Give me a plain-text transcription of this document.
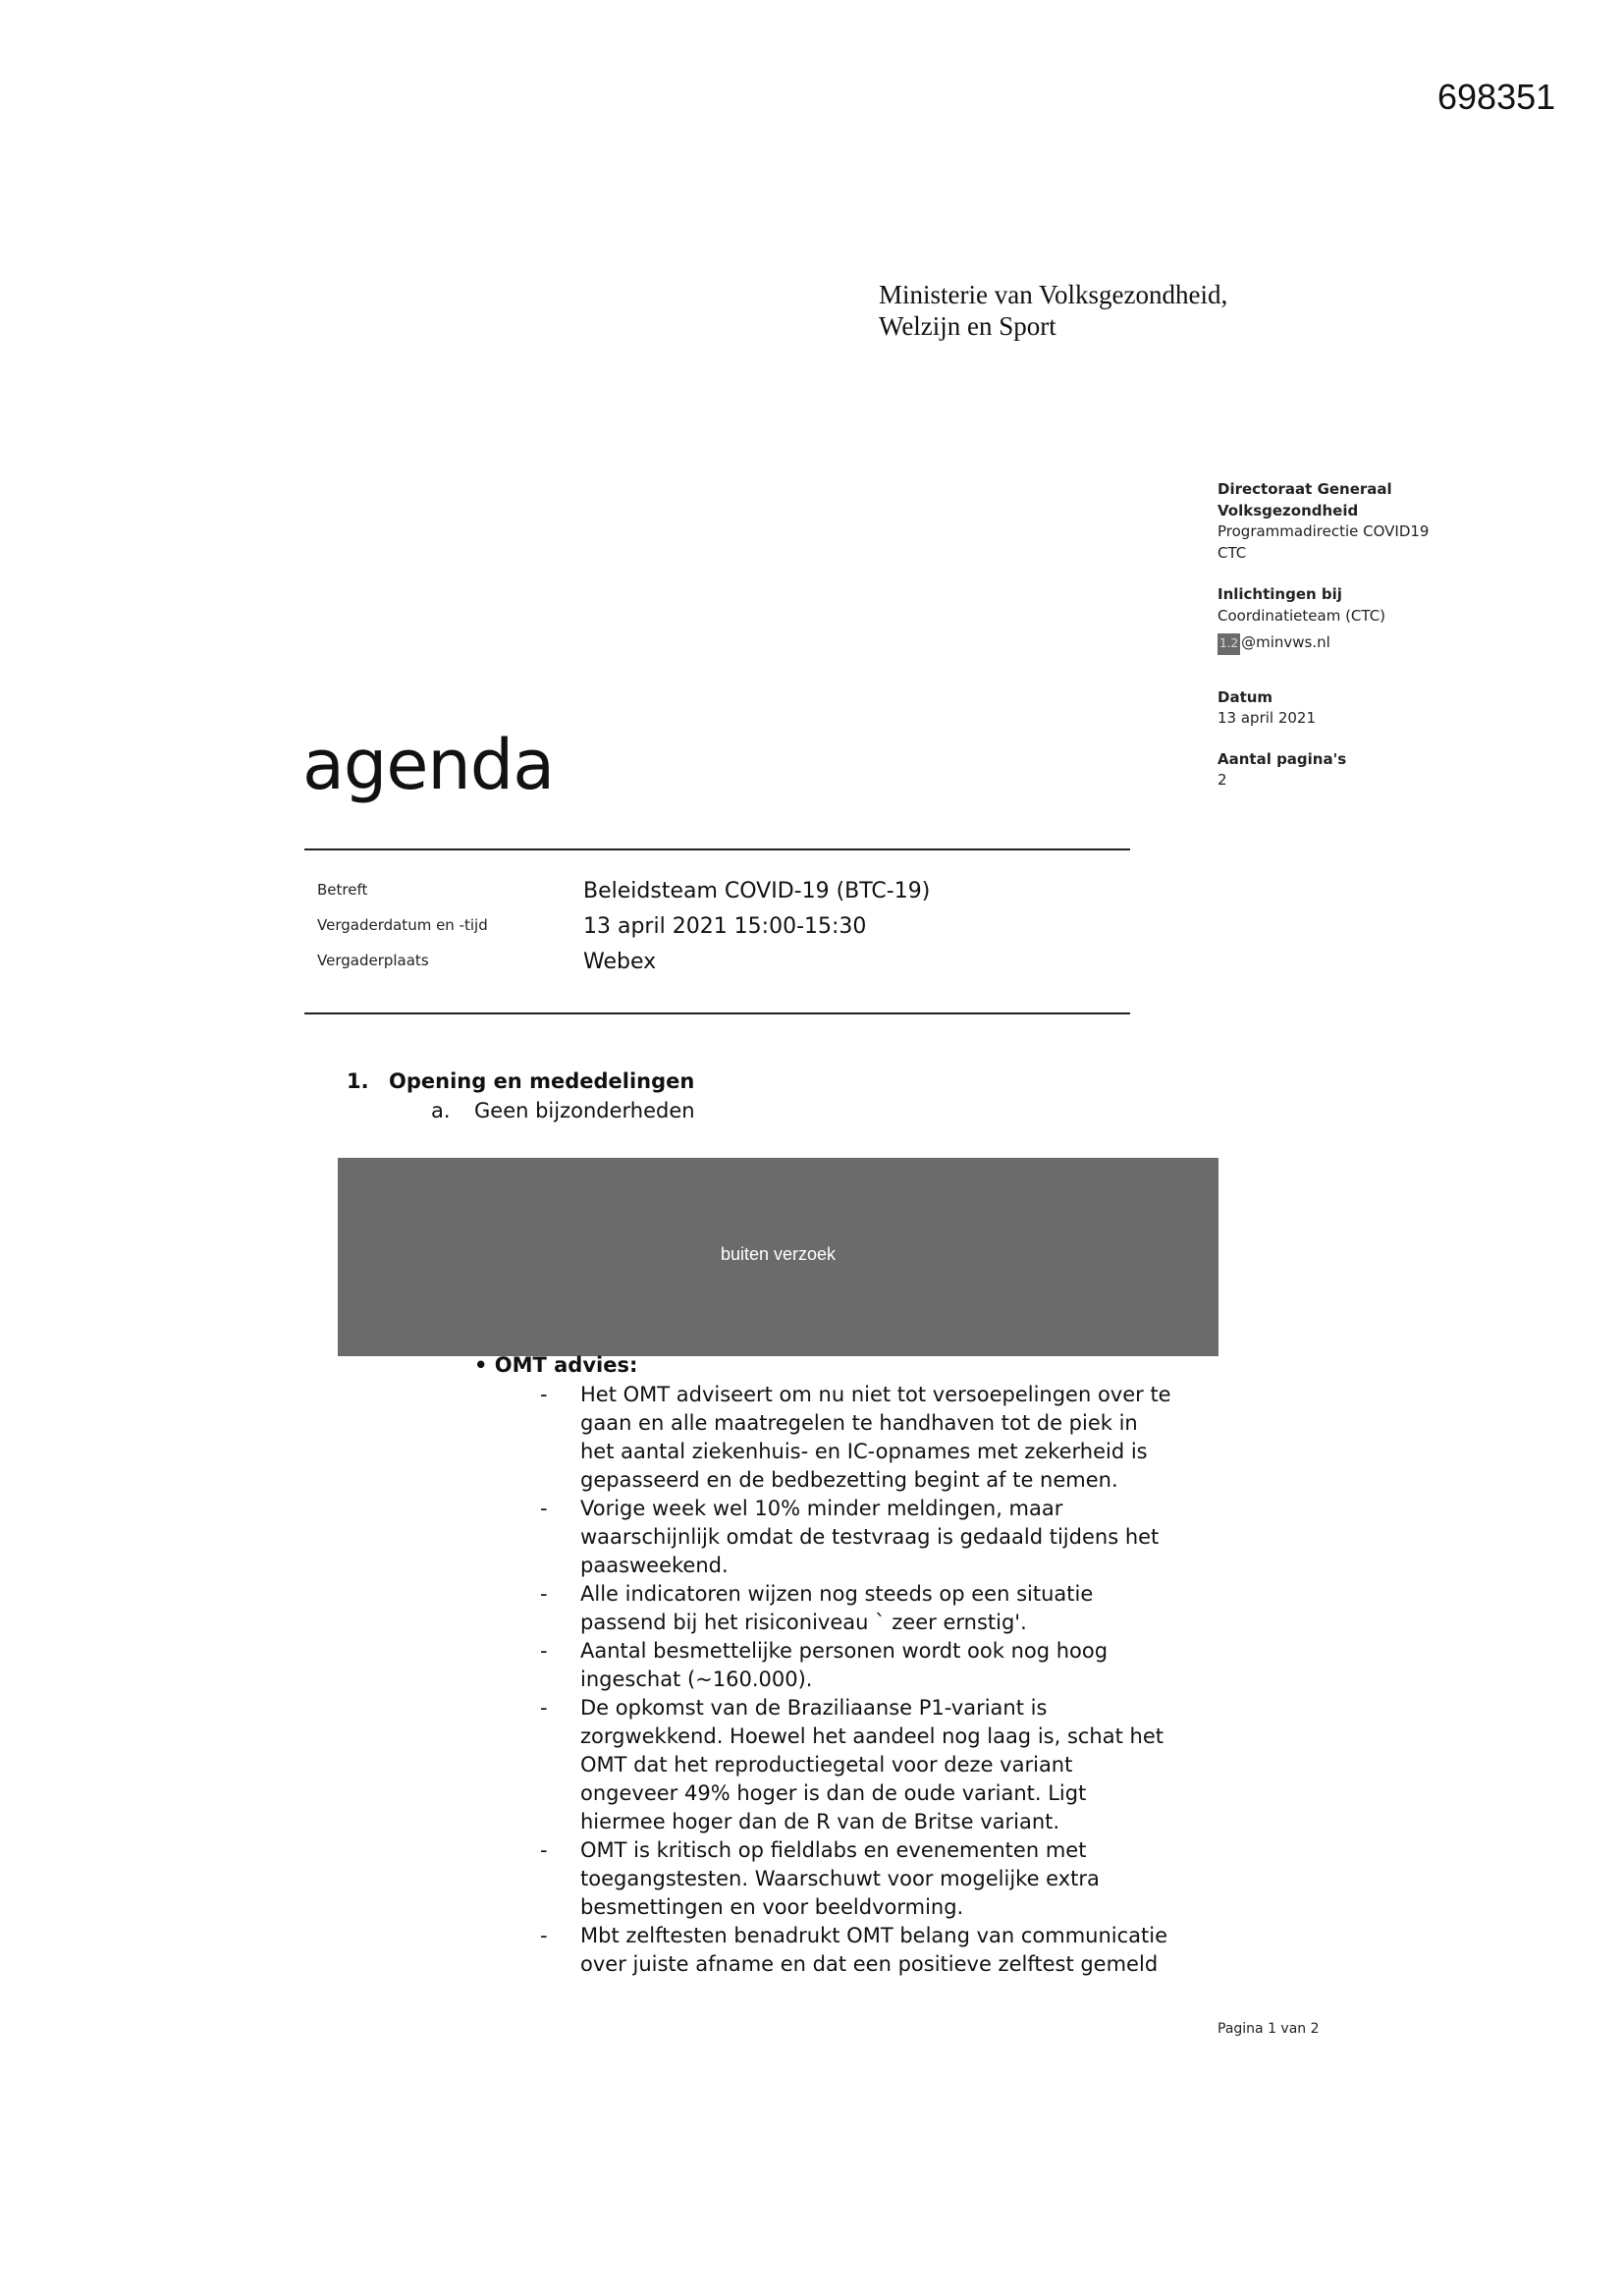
698351
Ministerie van Volksgezondheid,
Welzijn en Sport
Directoraat Generaal
Volksgezondheid
Programmadirectie COVID19
CTC
Inlichtingen bij
Coordinatieteam (CTC)
1.2 @minvws.nl
Datum
13 april 2021
Aantal pagina's
2
agenda
Betreft	Beleidsteam COVID-19 (BTC-19)
Vergaderdatum en -tijd	13 april 2021 15:00-15:30
Vergaderplaats	Webex
1. Opening en mededelingen
a. Geen bijzonderheden
buiten verzoek
• OMT advies:
- Het OMT adviseert om nu niet tot versoepelingen over te
gaan en alle maatregelen te handhaven tot de piek in
het aantal ziekenhuis- en IC-opnames met zekerheid is
gepasseerd en de bedbezetting begint af te nemen.
- Vorige week wel 10% minder meldingen, maar
waarschijnlijk omdat de testvraag is gedaald tijdens het
paasweekend.
- Alle indicatoren wijzen nog steeds op een situatie
passend bij het risiconiveau ` zeer ernstig'.
- Aantal besmettelijke personen wordt ook nog hoog
ingeschat (~160.000).
- De opkomst van de Braziliaanse P1-variant is
zorgwekkend. Hoewel het aandeel nog laag is, schat het
OMT dat het reproductiegetal voor deze variant
ongeveer 49% hoger is dan de oude variant. Ligt
hiermee hoger dan de R van de Britse variant.
- OMT is kritisch op fieldlabs en evenementen met
toegangstesten. Waarschuwt voor mogelijke extra
besmettingen en voor beeldvorming.
- Mbt zelftesten benadrukt OMT belang van communicatie
over juiste afname en dat een positieve zelftest gemeld
Pagina 1 van 2
